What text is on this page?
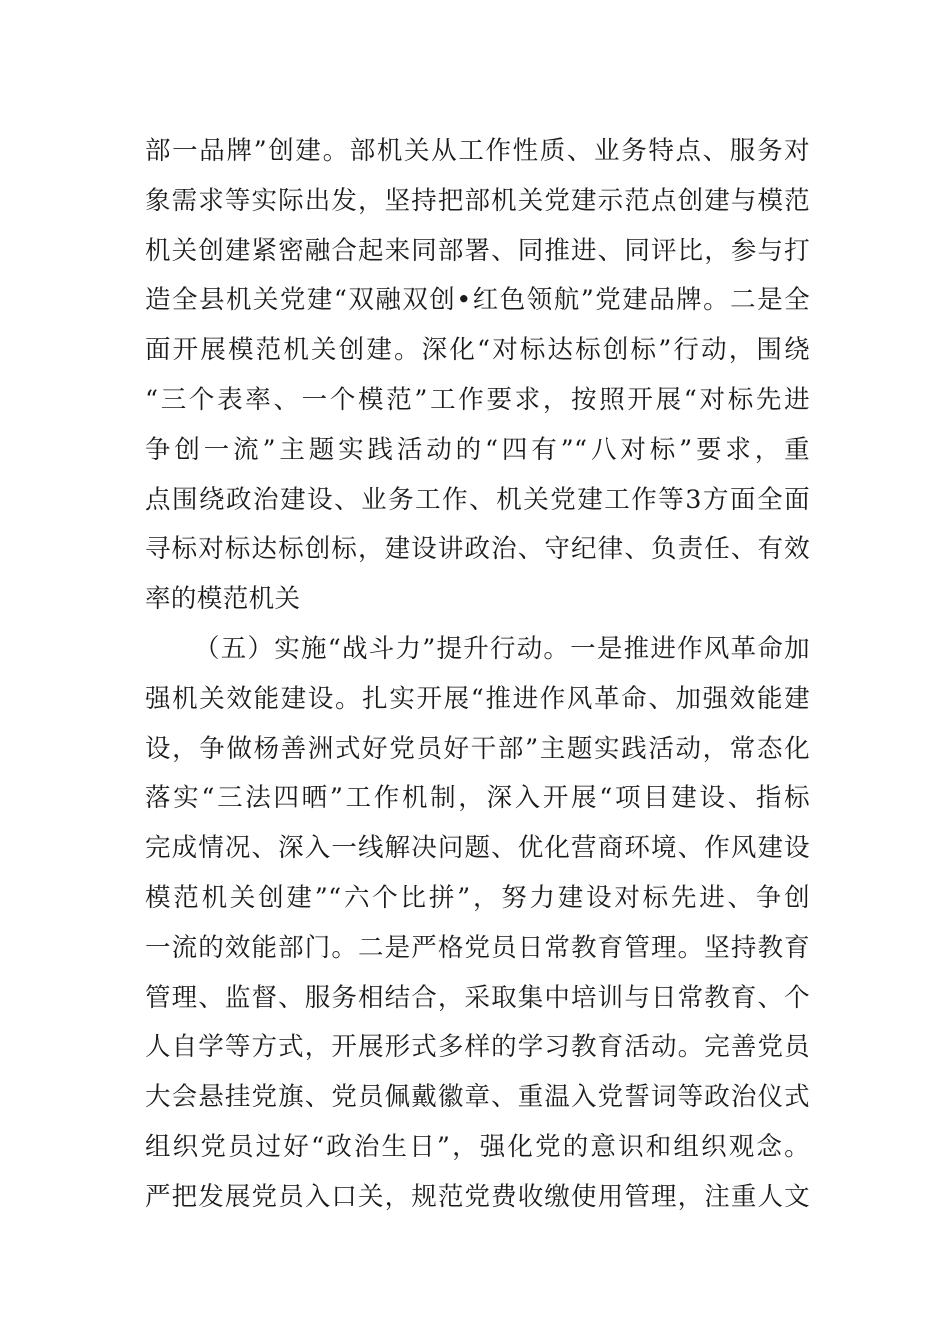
部一品牌”创建。部机关从工作性质、业务特点、服务对
象需求等实际出发，坚持把部机关党建示范点创建与模范
机关创建紧密融合起来同部署、同推进、同评比，参与打
造全县机关党建“双融双创•红色领航”党建品牌。二是全
面开展模范机关创建。深化“对标达标创标”行动，围绕
“三个表率、一个模范”工作要求，按照开展“对标先进
争创一流”主题实践活动的“四有”“八对标”要求，重
点围绕政治建设、业务工作、机关党建工作等3方面全面
寻标对标达标创标，建设讲政治、守纪律、负责任、有效
率的模范机关
（五）实施“战斗力”提升行动。一是推进作风革命加
强机关效能建设。扎实开展“推进作风革命、加强效能建
设，争做杨善洲式好党员好干部”主题实践活动，常态化
落实“三法四晒”工作机制，深入开展“项目建设、指标
完成情况、深入一线解决问题、优化营商环境、作风建设
模范机关创建”“六个比拼”，努力建设对标先进、争创
一流的效能部门。二是严格党员日常教育管理。坚持教育
管理、监督、服务相结合，采取集中培训与日常教育、个
人自学等方式，开展形式多样的学习教育活动。完善党员
大会悬挂党旗、党员佩戴徽章、重温入党誓词等政治仪式
组织党员过好“政治生日”，强化党的意识和组织观念。
严把发展党员入口关，规范党费收缴使用管理，注重人文
